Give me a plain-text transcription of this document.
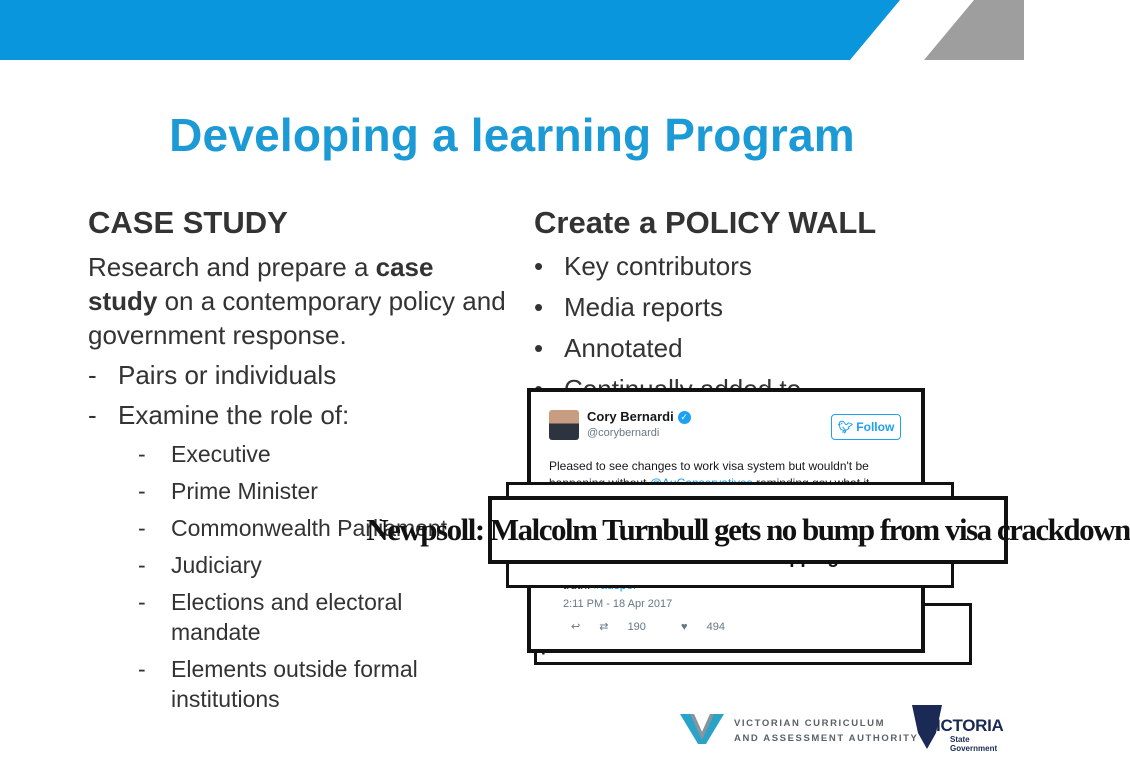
Developing a learning Program
CASE STUDY
Research and prepare a case study on a contemporary policy and government response.
- Pairs or individuals
- Examine the role of:
- Executive
- Prime Minister
- Commonwealth Parliament
- Judiciary
- Elections and electoral mandate
- Elements outside formal institutions
Create a POLICY WALL
• Key contributors
• Media reports
• Annotated
Cory Bernardi ✓
@corybernardi	🐦︎ Follow
Pleased to see changes to work visa system but wouldn't be
2:11 PM - 18 Apr 2017
↩ ⇄ 190	♥ 494
Newpsoll: Malcolm Turnbull gets no bump from visa crackdown
VICTORIAN CURRICULUM
AND ASSESSMENT AUTHORITY
VICTORIA
State
Government
